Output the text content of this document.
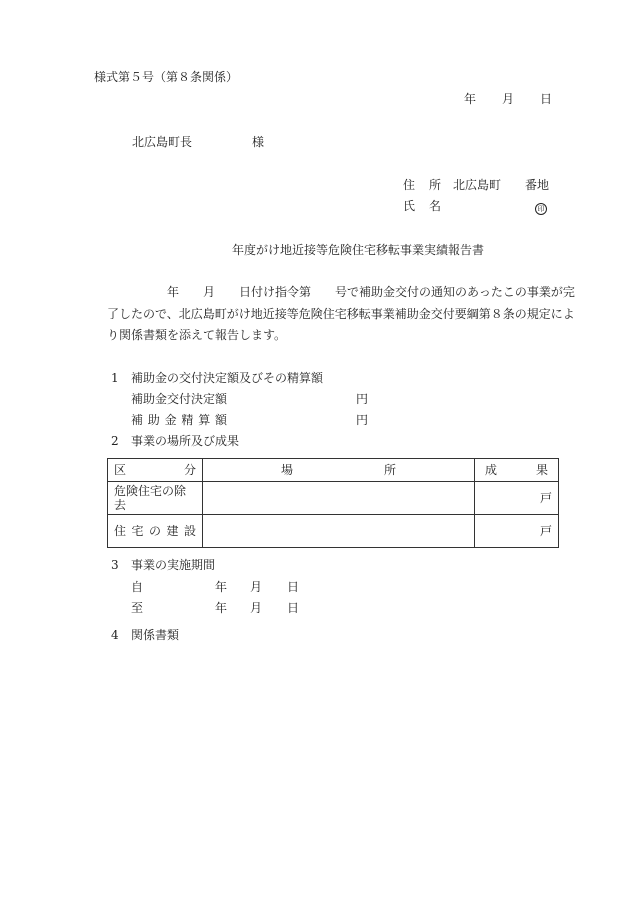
様式第５号（第８条関係）
年 月 日
北広島町長	様
住 所 北広島町 番地
氏 名	印
年度がけ地近接等危険住宅移転事業実績報告書
年 月 日付け指令第 号で補助金交付の通知のあったこの事業が完
了したので、北広島町がけ地近接等危険住宅移転事業補助金交付要綱第８条の規定によ
り関係書類を添えて報告します。
1 補助金の交付決定額及びその精算額
補助金交付決定額	円
補 助 金 精 算 額	円
2 事業の場所及び成果
区 分	場 所	成 果

危険住宅の除去		戸

住 宅 の 建 設		戸
3 事業の実施期間
自	年 月 日
至	年 月 日
4 関係書類
